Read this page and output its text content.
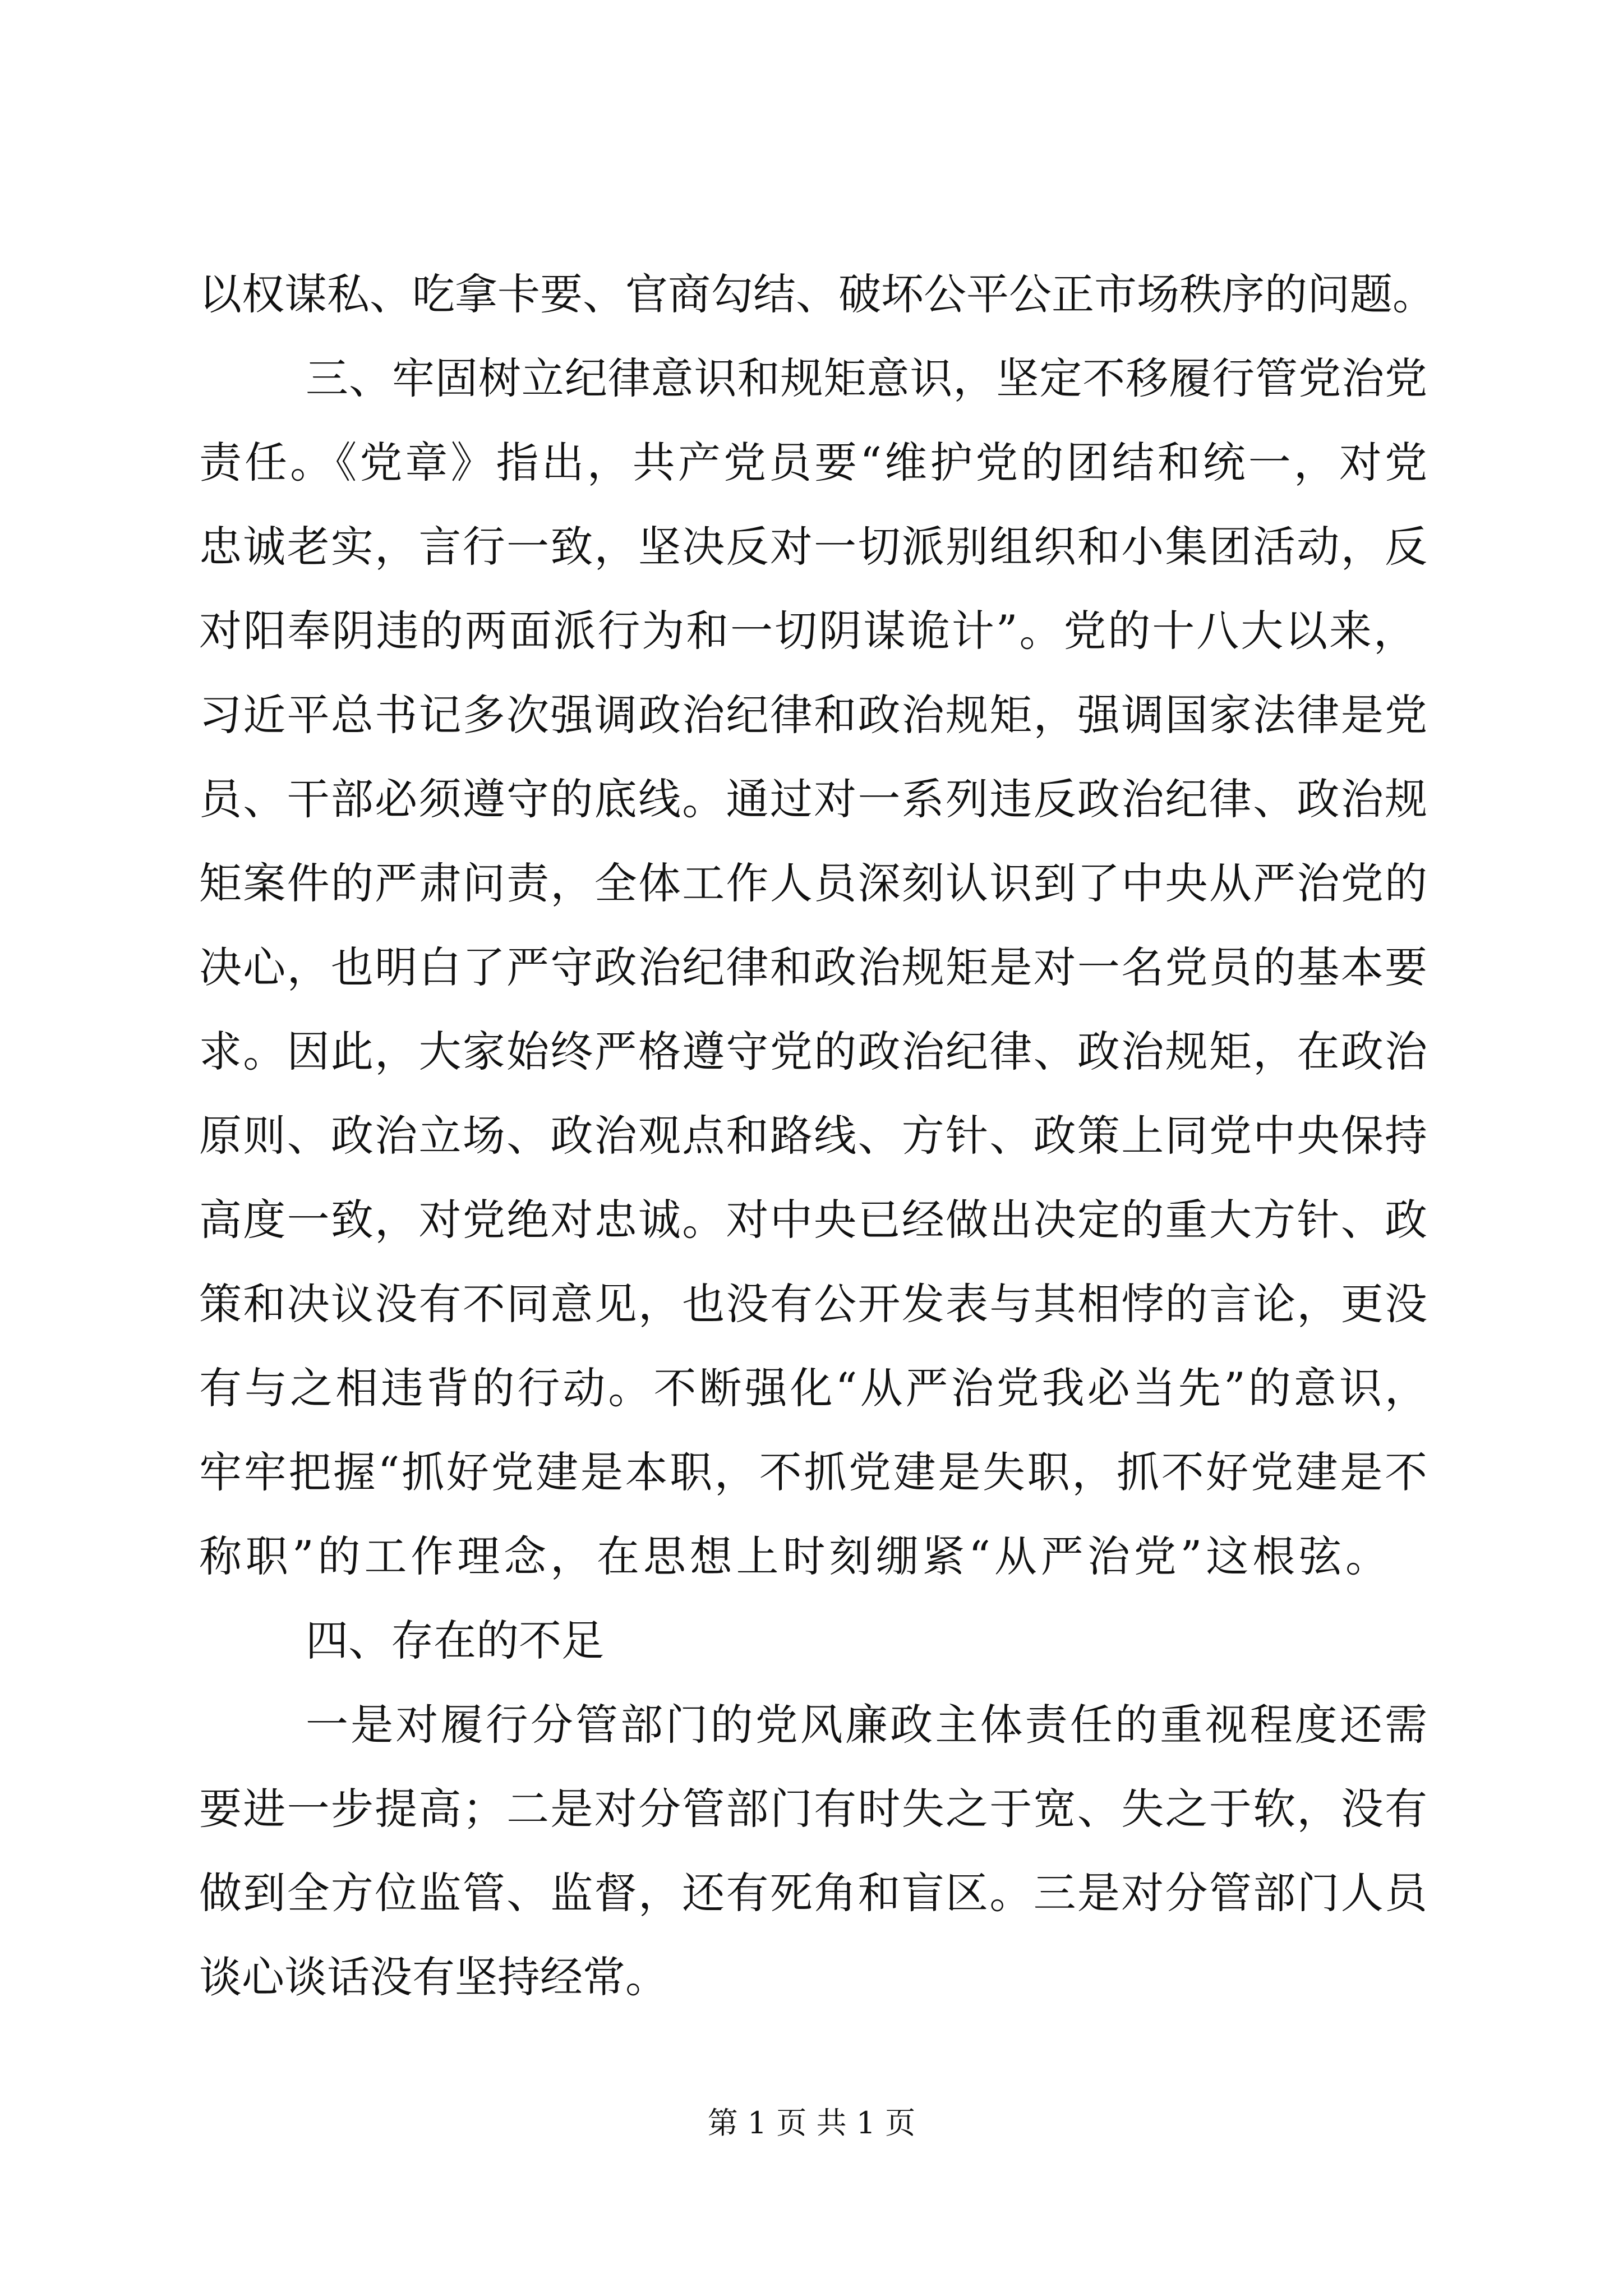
以权谋私、吃拿卡要、官商勾结、破坏公平公正市场秩序的问题。
三、牢固树立纪律意识和规矩意识，坚定不移履行管党治党
责任。《党章》指出，共产党员要“维护党的团结和统一，对党
忠诚老实，言行一致，坚决反对一切派别组织和小集团活动，反
对阳奉阴违的两面派行为和一切阴谋诡计”。党的十八大以来，
习近平总书记多次强调政治纪律和政治规矩，强调国家法律是党
员、干部必须遵守的底线。通过对一系列违反政治纪律、政治规
矩案件的严肃问责，全体工作人员深刻认识到了中央从严治党的
决心，也明白了严守政治纪律和政治规矩是对一名党员的基本要
求。因此，大家始终严格遵守党的政治纪律、政治规矩，在政治
原则、政治立场、政治观点和路线、方针、政策上同党中央保持
高度一致，对党绝对忠诚。对中央已经做出决定的重大方针、政
策和决议没有不同意见，也没有公开发表与其相悖的言论，更没
有与之相违背的行动。不断强化“从严治党我必当先”的意识，
牢牢把握“抓好党建是本职，不抓党建是失职，抓不好党建是不
称职”的工作理念，在思想上时刻绷紧“从严治党”这根弦。
四、存在的不足
一是对履行分管部门的党风廉政主体责任的重视程度还需
要进一步提高；二是对分管部门有时失之于宽、失之于软，没有
做到全方位监管、监督，还有死角和盲区。三是对分管部门人员
谈心谈话没有坚持经常。
第 1 页 共 1 页
